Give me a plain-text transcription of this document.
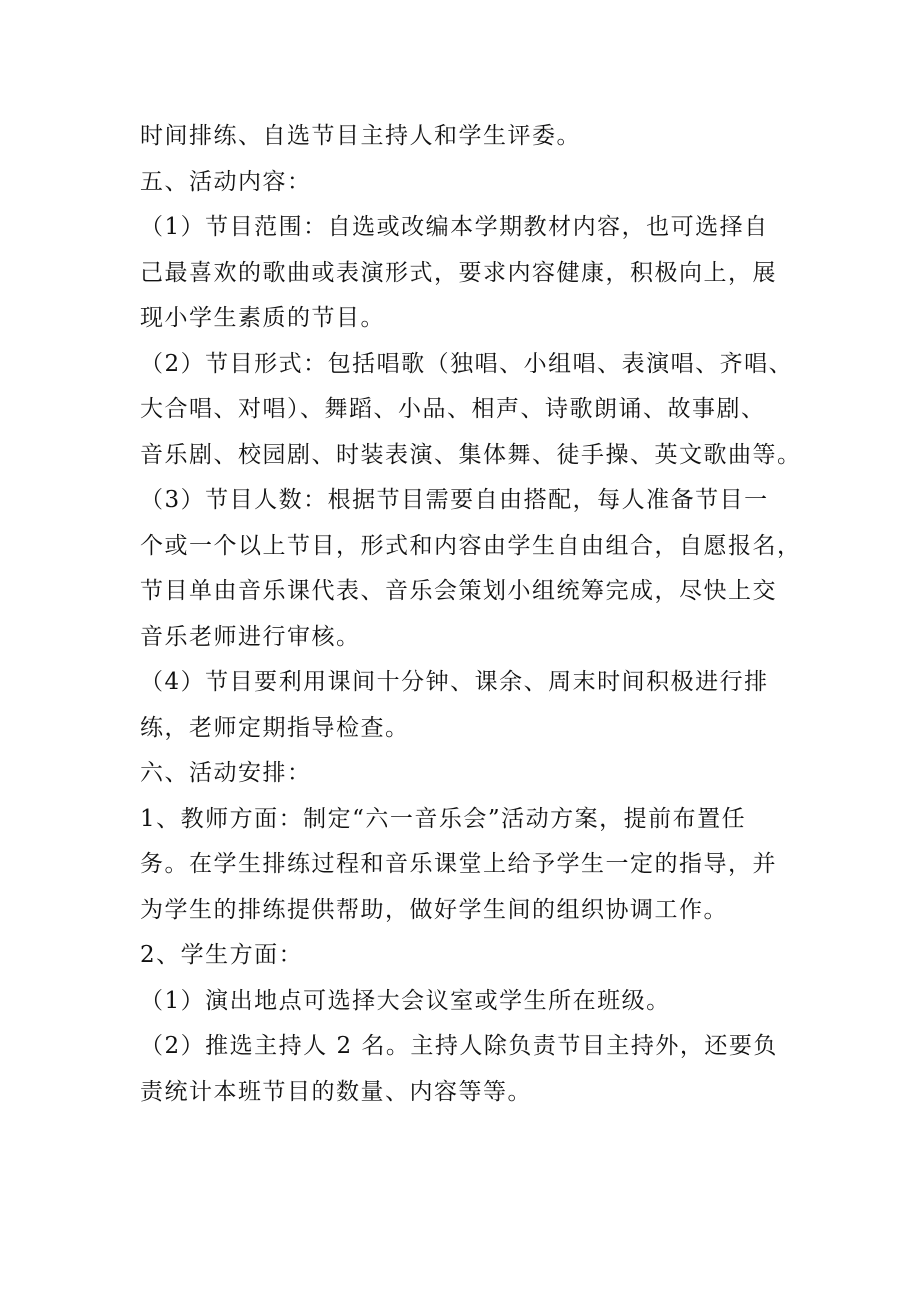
时间排练、自选节目主持人和学生评委。
五、活动内容：
（1）节目范围：自选或改编本学期教材内容，也可选择自
己最喜欢的歌曲或表演形式，要求内容健康，积极向上，展
现小学生素质的节目。
（2）节目形式：包括唱歌（独唱、小组唱、表演唱、齐唱、
大合唱、对唱）、舞蹈、小品、相声、诗歌朗诵、故事剧、
音乐剧、校园剧、时装表演、集体舞、徒手操、英文歌曲等。
（3）节目人数：根据节目需要自由搭配，每人准备节目一
个或一个以上节目，形式和内容由学生自由组合，自愿报名，
节目单由音乐课代表、音乐会策划小组统筹完成，尽快上交
音乐老师进行审核。
（4）节目要利用课间十分钟、课余、周末时间积极进行排
练，老师定期指导检查。
六、活动安排：
1、教师方面：制定“六一音乐会”活动方案，提前布置任
务。在学生排练过程和音乐课堂上给予学生一定的指导，并
为学生的排练提供帮助，做好学生间的组织协调工作。
2、学生方面：
（1）演出地点可选择大会议室或学生所在班级。
（2）推选主持人 2 名。主持人除负责节目主持外，还要负
责统计本班节目的数量、内容等等。
